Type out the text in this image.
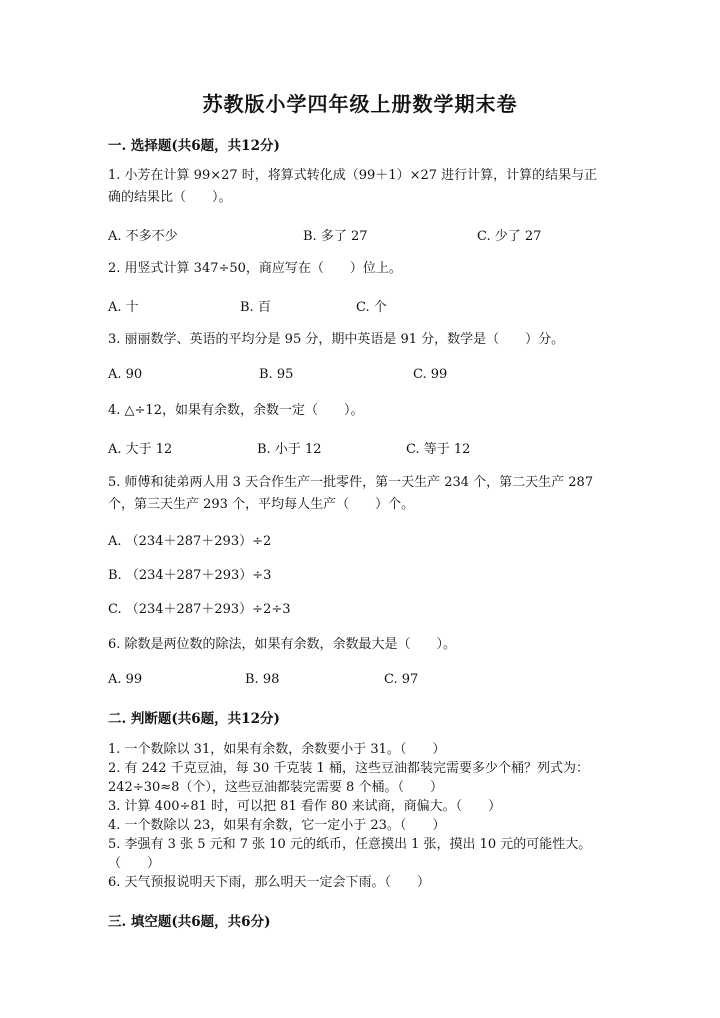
苏教版小学四年级上册数学期末卷
一. 选择题(共6题，共12分)
1. 小芳在计算 99×27 时，将算式转化成（99＋1）×27 进行计算，计算的结果与正确的结果比（　　）。
A. 不多不少	B. 多了 27	C. 少了 27
2. 用竖式计算 347÷50，商应写在（　　）位上。
A. 十	B. 百	C. 个
3. 丽丽数学、英语的平均分是 95 分，期中英语是 91 分，数学是（　　）分。
A. 90	B. 95	C. 99
4. △÷12，如果有余数，余数一定（　　）。
A. 大于 12	B. 小于 12	C. 等于 12
5. 师傅和徒弟两人用 3 天合作生产一批零件，第一天生产 234 个，第二天生产 287 个，第三天生产 293 个，平均每人生产（　　）个。
A. （234＋287＋293）÷2
B. （234＋287＋293）÷3
C. （234＋287＋293）÷2÷3
6. 除数是两位数的除法，如果有余数，余数最大是（　　）。
A. 99	B. 98	C. 97
二. 判断题(共6题，共12分)
1. 一个数除以 31，如果有余数，余数要小于 31。（　　）
2. 有 242 千克豆油，每 30 千克装 1 桶，这些豆油都装完需要多少个桶？列式为：242÷30≈8（个），这些豆油都装完需要 8 个桶。（　　）
3. 计算 400÷81 时，可以把 81 看作 80 来试商，商偏大。（　　）
4. 一个数除以 23，如果有余数，它一定小于 23。（　　）
5. 李强有 3 张 5 元和 7 张 10 元的纸币，任意摸出 1 张，摸出 10 元的可能性大。　　（　　）
6. 天气预报说明天下雨，那么明天一定会下雨。（　　）
三. 填空题(共6题，共6分)
